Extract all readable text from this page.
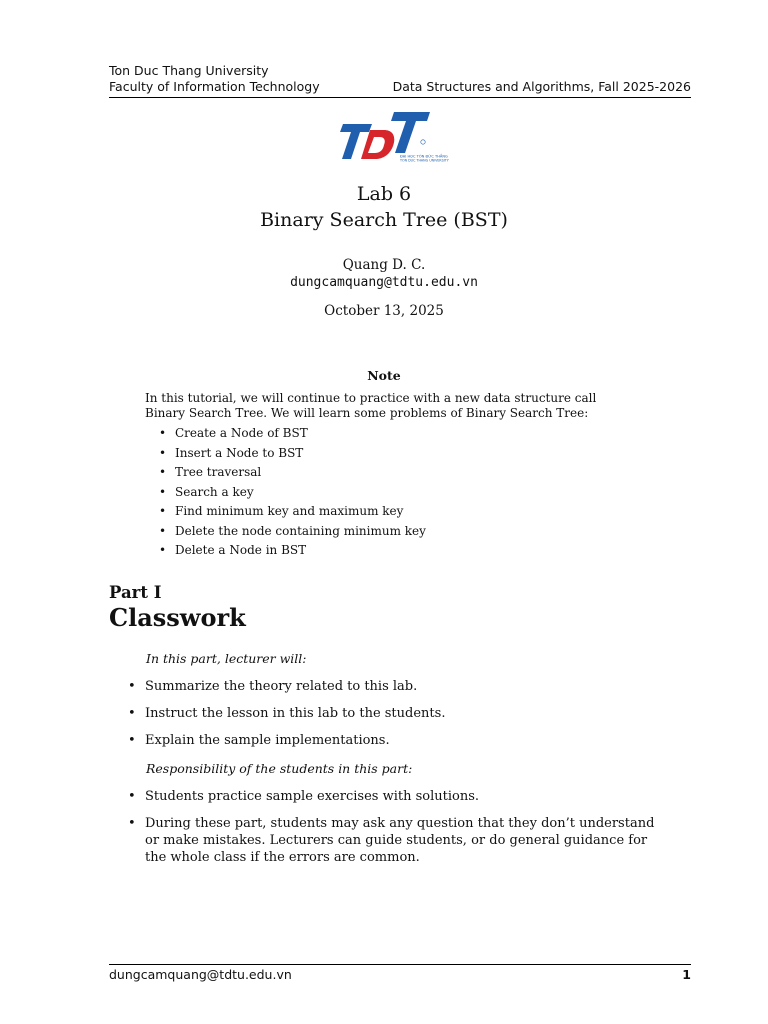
Ton Duc Thang University
Faculty of Information Technology	Data Structures and Algorithms, Fall 2025-2026
ĐẠI HỌC TÔN ĐỨC THẮNG
TON DUC THANG UNIVERSITY
Lab 6
Binary Search Tree (BST)
Quang D. C.
dungcamquang@tdtu.edu.vn
October 13, 2025
Note
In this tutorial, we will continue to practice with a new data structure call Binary Search Tree. We will learn some problems of Binary Search Tree:
• Create a Node of BST
• Insert a Node to BST
• Tree traversal
• Search a key
• Find minimum key and maximum key
• Delete the node containing minimum key
• Delete a Node in BST
Part I
Classwork
In this part, lecturer will:
• Summarize the theory related to this lab.
• Instruct the lesson in this lab to the students.
• Explain the sample implementations.
Responsibility of the students in this part:
• Students practice sample exercises with solutions.
• During these part, students may ask any question that they don’t understand or make mistakes. Lecturers can guide students, or do general guidance for the whole class if the errors are common.
dungcamquang@tdtu.edu.vn	1
